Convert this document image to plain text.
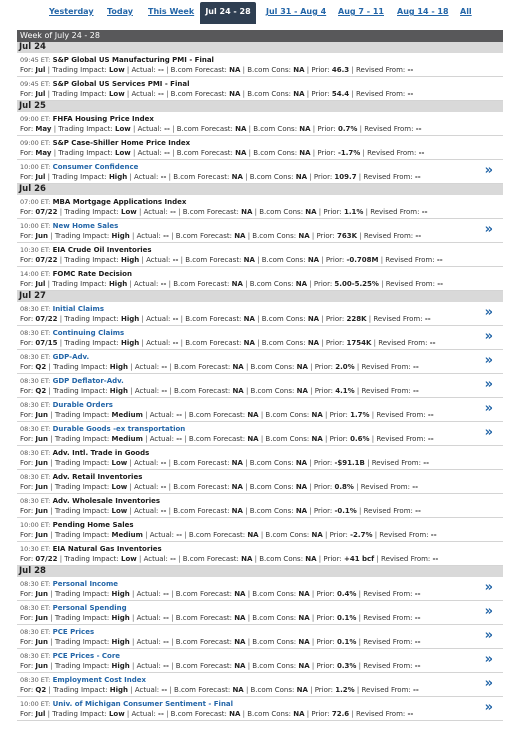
Yesterday Today This Week	Jul 24 - 28	Jul 31 - Aug 4 Aug 7 - 11 Aug 14 - 18 All
Week of July 24 - 28
Jul 24
09:45 ET: S&P Global US Manufacturing PMI - Final
For: Jul | Trading Impact: Low | Actual: -- | B.com Forecast: NA | B.com Cons: NA | Prior: 46.3 | Revised From: --
09:45 ET: S&P Global US Services PMI - Final
For: Jul | Trading Impact: Low | Actual: -- | B.com Forecast: NA | B.com Cons: NA | Prior: 54.4 | Revised From: --
Jul 25
09:00 ET: FHFA Housing Price Index
For: May | Trading Impact: Low | Actual: -- | B.com Forecast: NA | B.com Cons: NA | Prior: 0.7% | Revised From: --
09:00 ET: S&P Case-Shiller Home Price Index
For: May | Trading Impact: Low | Actual: -- | B.com Forecast: NA | B.com Cons: NA | Prior: -1.7% | Revised From: --
10:00 ET: Consumer Confidence
For: Jul | Trading Impact: High | Actual: -- | B.com Forecast: NA | B.com Cons: NA | Prior: 109.7 | Revised From: --	»
Jul 26
07:00 ET: MBA Mortgage Applications Index
For: 07/22 | Trading Impact: Low | Actual: -- | B.com Forecast: NA | B.com Cons: NA | Prior: 1.1% | Revised From: --
10:00 ET: New Home Sales
For: Jun | Trading Impact: High | Actual: -- | B.com Forecast: NA | B.com Cons: NA | Prior: 763K | Revised From: --	»
10:30 ET: EIA Crude Oil Inventories
For: 07/22 | Trading Impact: High | Actual: -- | B.com Forecast: NA | B.com Cons: NA | Prior: -0.708M | Revised From: --
14:00 ET: FOMC Rate Decision
For: Jul | Trading Impact: High | Actual: -- | B.com Forecast: NA | B.com Cons: NA | Prior: 5.00-5.25% | Revised From: --
Jul 27
08:30 ET: Initial Claims
For: 07/22 | Trading Impact: High | Actual: -- | B.com Forecast: NA | B.com Cons: NA | Prior: 228K | Revised From: --	»
08:30 ET: Continuing Claims
For: 07/15 | Trading Impact: High | Actual: -- | B.com Forecast: NA | B.com Cons: NA | Prior: 1754K | Revised From: --	»
08:30 ET: GDP-Adv.
For: Q2 | Trading Impact: High | Actual: -- | B.com Forecast: NA | B.com Cons: NA | Prior: 2.0% | Revised From: --	»
08:30 ET: GDP Deflator-Adv.
For: Q2 | Trading Impact: High | Actual: -- | B.com Forecast: NA | B.com Cons: NA | Prior: 4.1% | Revised From: --	»
08:30 ET: Durable Orders
For: Jun | Trading Impact: Medium | Actual: -- | B.com Forecast: NA | B.com Cons: NA | Prior: 1.7% | Revised From: --	»
08:30 ET: Durable Goods -ex transportation
For: Jun | Trading Impact: Medium | Actual: -- | B.com Forecast: NA | B.com Cons: NA | Prior: 0.6% | Revised From: --	»
08:30 ET: Adv. Intl. Trade in Goods
For: Jun | Trading Impact: Low | Actual: -- | B.com Forecast: NA | B.com Cons: NA | Prior: -$91.1B | Revised From: --
08:30 ET: Adv. Retail Inventories
For: Jun | Trading Impact: Low | Actual: -- | B.com Forecast: NA | B.com Cons: NA | Prior: 0.8% | Revised From: --
08:30 ET: Adv. Wholesale Inventories
For: Jun | Trading Impact: Low | Actual: -- | B.com Forecast: NA | B.com Cons: NA | Prior: -0.1% | Revised From: --
10:00 ET: Pending Home Sales
For: Jun | Trading Impact: Medium | Actual: -- | B.com Forecast: NA | B.com Cons: NA | Prior: -2.7% | Revised From: --
10:30 ET: EIA Natural Gas Inventories
For: 07/22 | Trading Impact: Low | Actual: -- | B.com Forecast: NA | B.com Cons: NA | Prior: +41 bcf | Revised From: --
Jul 28
08:30 ET: Personal Income
For: Jun | Trading Impact: High | Actual: -- | B.com Forecast: NA | B.com Cons: NA | Prior: 0.4% | Revised From: --	»
08:30 ET: Personal Spending
For: Jun | Trading Impact: High | Actual: -- | B.com Forecast: NA | B.com Cons: NA | Prior: 0.1% | Revised From: --	»
08:30 ET: PCE Prices
For: Jun | Trading Impact: High | Actual: -- | B.com Forecast: NA | B.com Cons: NA | Prior: 0.1% | Revised From: --	»
08:30 ET: PCE Prices - Core
For: Jun | Trading Impact: High | Actual: -- | B.com Forecast: NA | B.com Cons: NA | Prior: 0.3% | Revised From: --	»
08:30 ET: Employment Cost Index
For: Q2 | Trading Impact: High | Actual: -- | B.com Forecast: NA | B.com Cons: NA | Prior: 1.2% | Revised From: --	»
10:00 ET: Univ. of Michigan Consumer Sentiment - Final
For: Jul | Trading Impact: Low | Actual: -- | B.com Forecast: NA | B.com Cons: NA | Prior: 72.6 | Revised From: --	»
